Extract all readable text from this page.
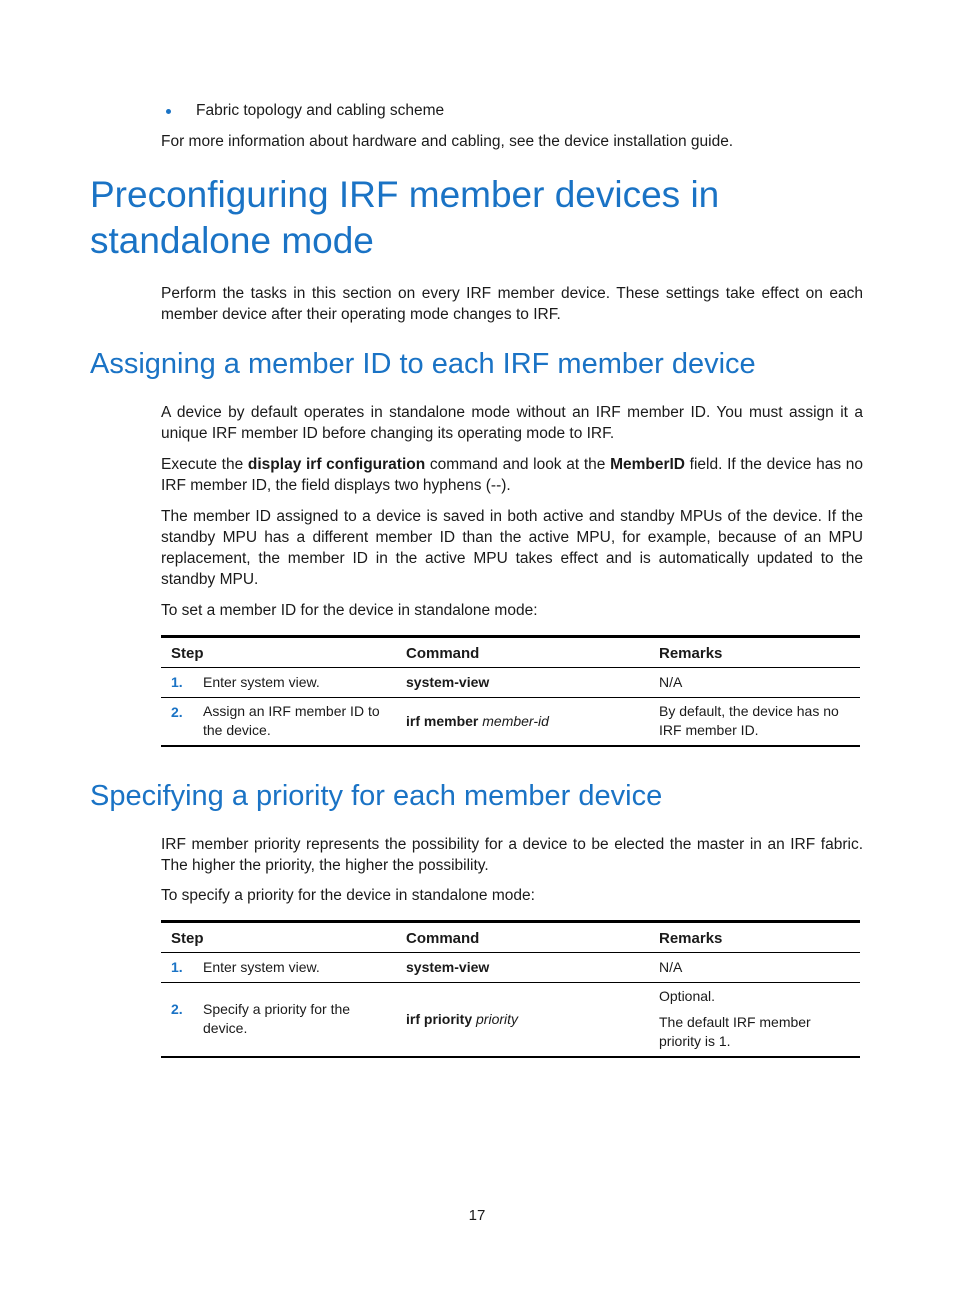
Fabric topology and cabling scheme
For more information about hardware and cabling, see the device installation guide.
Preconfiguring IRF member devices in standalone mode
Perform the tasks in this section on every IRF member device. These settings take effect on each member device after their operating mode changes to IRF.
Assigning a member ID to each IRF member device
A device by default operates in standalone mode without an IRF member ID. You must assign it a unique IRF member ID before changing its operating mode to IRF.
Execute the display irf configuration command and look at the MemberID field. If the device has no IRF member ID, the field displays two hyphens (--).
The member ID assigned to a device is saved in both active and standby MPUs of the device. If the standby MPU has a different member ID than the active MPU, for example, because of an MPU replacement, the member ID in the active MPU takes effect and is automatically updated to the standby MPU.
To set a member ID for the device in standalone mode:
Step		Command	Remarks
1.	Enter system view.	system-view	N/A
2.	Assign an IRF member ID to the device.	irf member member-id	By default, the device has no IRF member ID.
Specifying a priority for each member device
IRF member priority represents the possibility for a device to be elected the master in an IRF fabric. The higher the priority, the higher the possibility.
To specify a priority for the device in standalone mode:
Step		Command	Remarks
1.	Enter system view.	system-view	N/A
2.	Specify a priority for the device.	irf priority priority	Optional.

The default IRF member priority is 1.

17
